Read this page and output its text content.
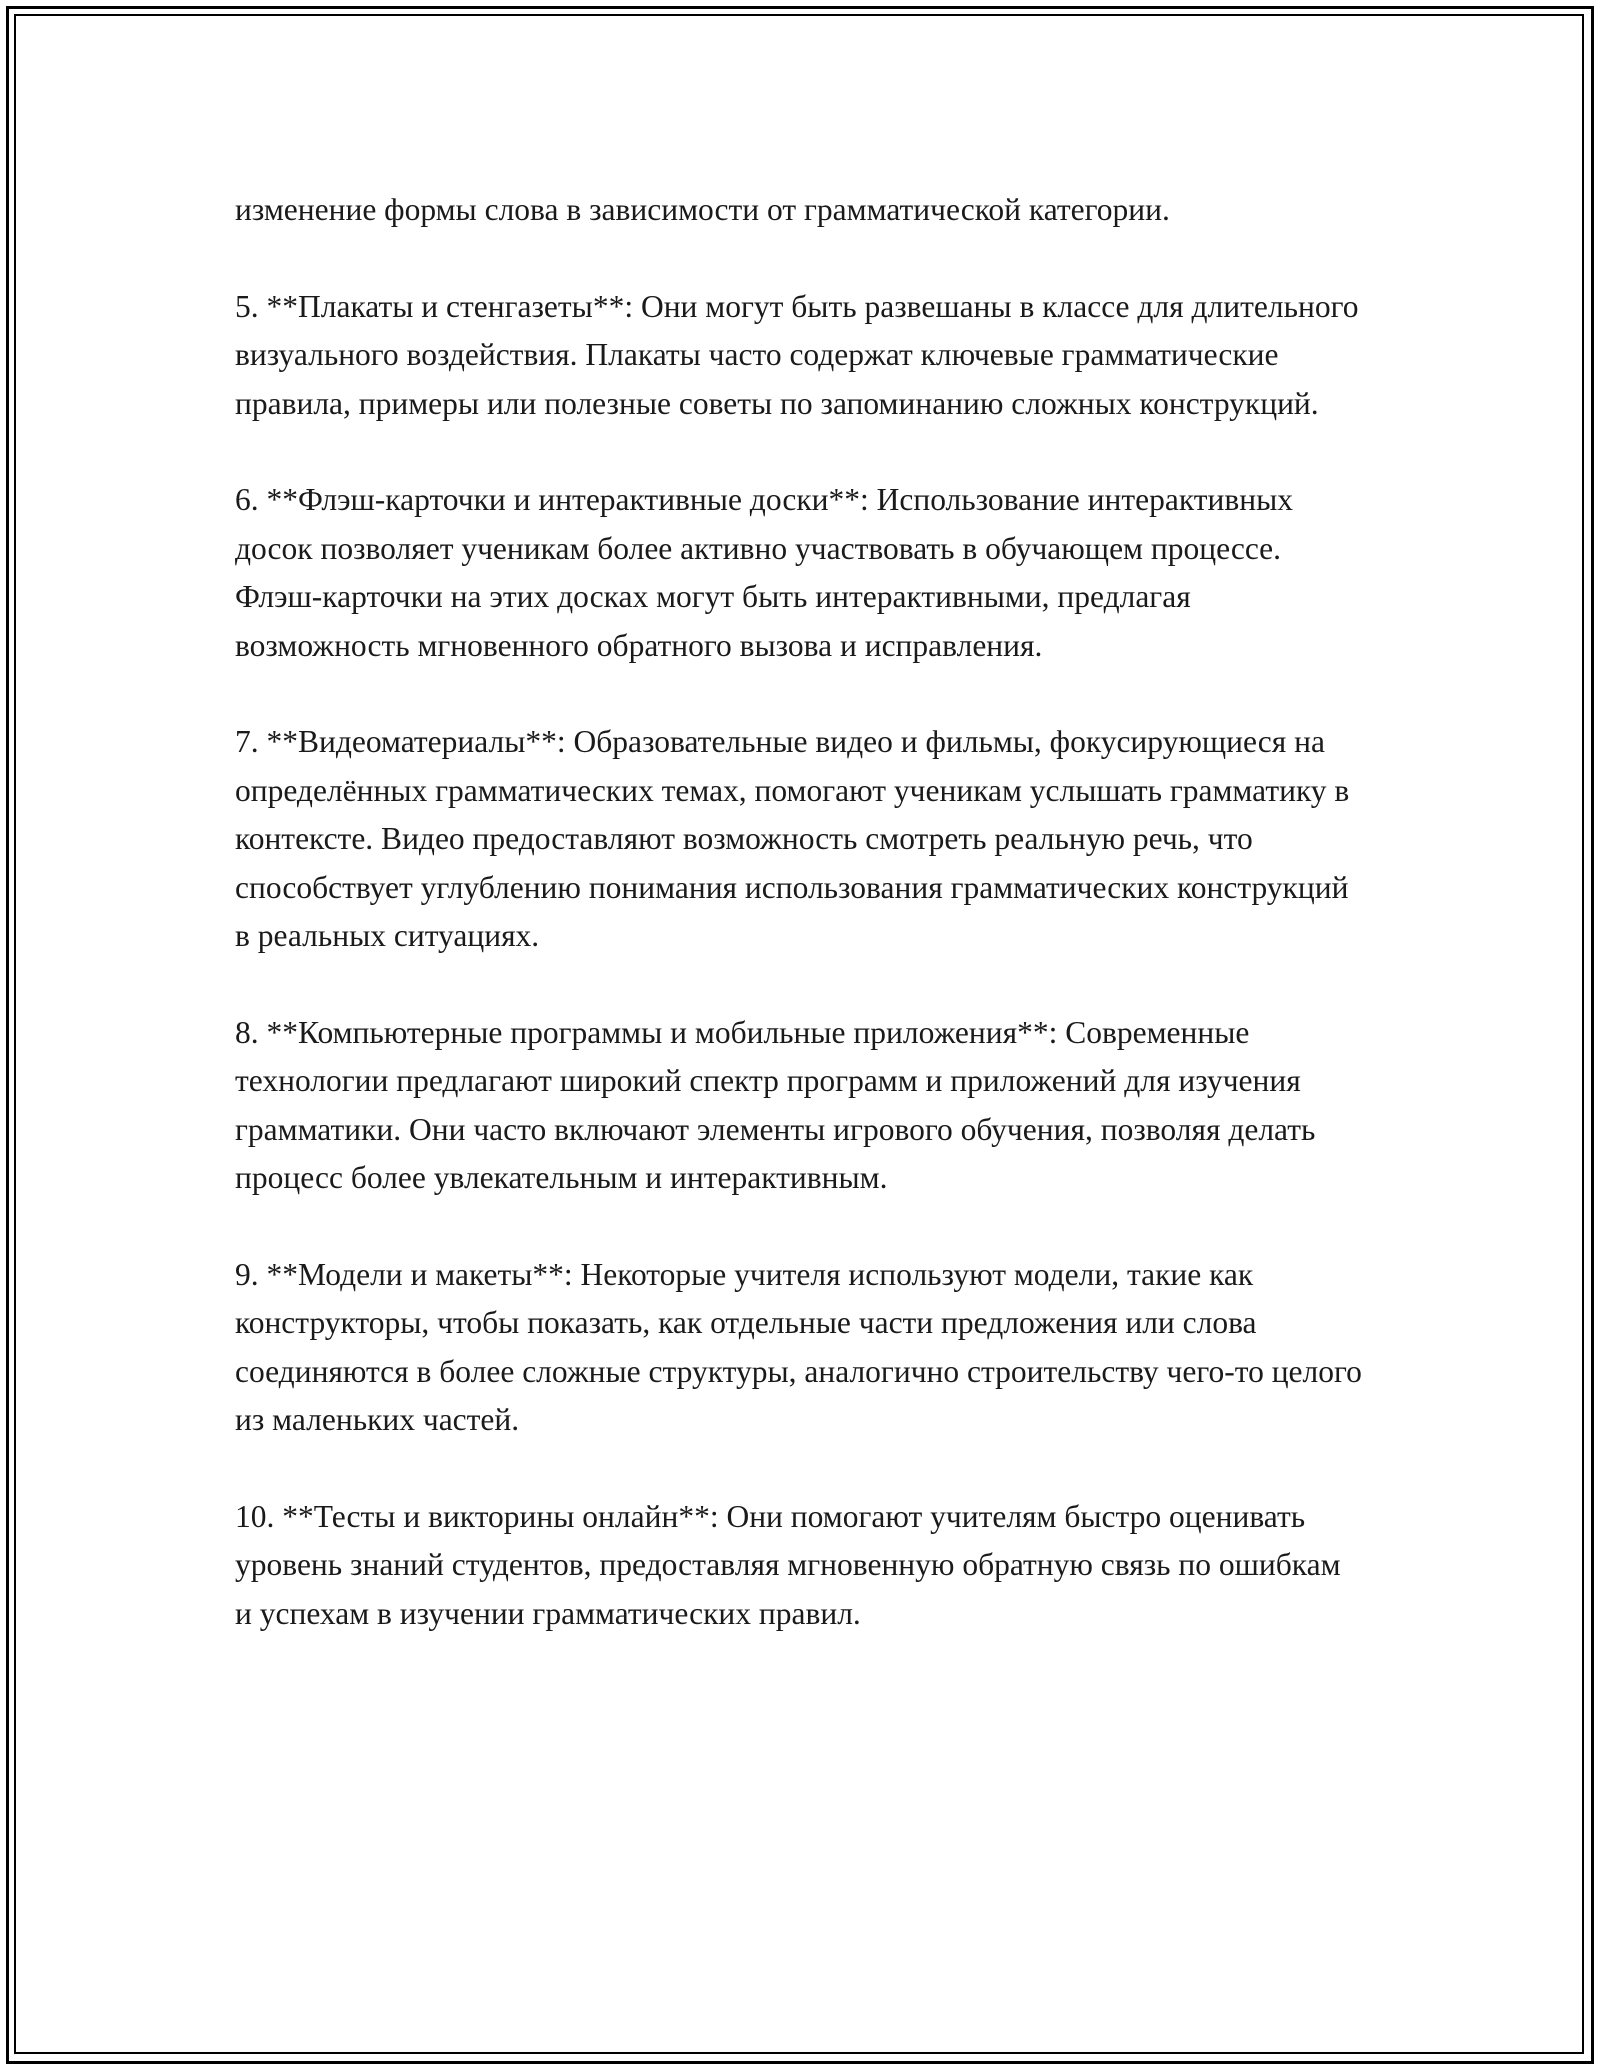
изменение формы слова в зависимости от грамматической категории.

5. **Плакаты и стенгазеты**: Они могут быть развешаны в классе для длительного визуального воздействия. Плакаты часто содержат ключевые грамматические правила, примеры или полезные советы по запоминанию сложных конструкций.

6. **Флэш-карточки и интерактивные доски**: Использование интерактивных досок позволяет ученикам более активно участвовать в обучающем процессе. Флэш-карточки на этих досках могут быть интерактивными, предлагая возможность мгновенного обратного вызова и исправления.

7. **Видеоматериалы**: Образовательные видео и фильмы, фокусирующиеся на определённых грамматических темах, помогают ученикам услышать грамматику в контексте. Видео предоставляют возможность смотреть реальную речь, что способствует углублению понимания использования грамматических конструкций в реальных ситуациях.

8. **Компьютерные программы и мобильные приложения**: Современные технологии предлагают широкий спектр программ и приложений для изучения грамматики. Они часто включают элементы игрового обучения, позволяя делать процесс более увлекательным и интерактивным.

9. **Модели и макеты**: Некоторые учителя используют модели, такие как конструкторы, чтобы показать, как отдельные части предложения или слова соединяются в более сложные структуры, аналогично строительству чего-то целого из маленьких частей.

10. **Тесты и викторины онлайн**: Они помогают учителям быстро оценивать уровень знаний студентов, предоставляя мгновенную обратную связь по ошибкам и успехам в изучении грамматических правил.
